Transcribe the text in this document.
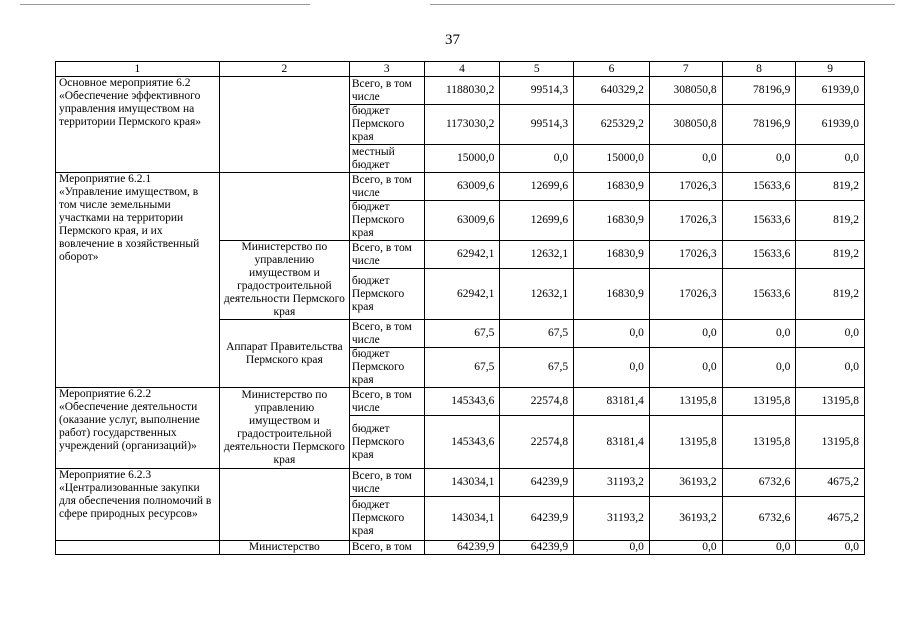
37
1	2	3	4	5	6	7	8	9
Основное мероприятие 6.2 «Обеспечение эффективного управления имуществом на территории Пермского края»		Всего, в том числе	1188030,2	99514,3	640329,2	308050,8	78196,9	61939,0
		бюджет Пермского края	1173030,2	99514,3	625329,2	308050,8	78196,9	61939,0
		местный бюджет	15000,0	0,0	15000,0	0,0	0,0	0,0
Мероприятие 6.2.1 «Управление имуществом, в том числе земельными участками на территории Пермского края, и их вовлечение в хозяйственный оборот»		Всего, в том числе	63009,6	12699,6	16830,9	17026,3	15633,6	819,2
		бюджет Пермского края	63009,6	12699,6	16830,9	17026,3	15633,6	819,2
	Министерство по управлению имуществом и градостроительной деятельности Пермского края	Всего, в том числе	62942,1	12632,1	16830,9	17026,3	15633,6	819,2
		бюджет Пермского края	62942,1	12632,1	16830,9	17026,3	15633,6	819,2
	Аппарат Правительства Пермского края	Всего, в том числе	67,5	67,5	0,0	0,0	0,0	0,0
		бюджет Пермского края	67,5	67,5	0,0	0,0	0,0	0,0
Мероприятие 6.2.2 «Обеспечение деятельности (оказание услуг, выполнение работ) государственных учреждений (организаций)»	Министерство по управлению имуществом и градостроительной деятельности Пермского края	Всего, в том числе	145343,6	22574,8	83181,4	13195,8	13195,8	13195,8
		бюджет Пермского края	145343,6	22574,8	83181,4	13195,8	13195,8	13195,8
Мероприятие 6.2.3 «Централизованные закупки для обеспечения полномочий в сфере природных ресурсов»		Всего, в том числе	143034,1	64239,9	31193,2	36193,2	6732,6	4675,2
		бюджет Пермского края	143034,1	64239,9	31193,2	36193,2	6732,6	4675,2
	Министерство	Всего, в том	64239,9	64239,9	0,0	0,0	0,0	0,0
